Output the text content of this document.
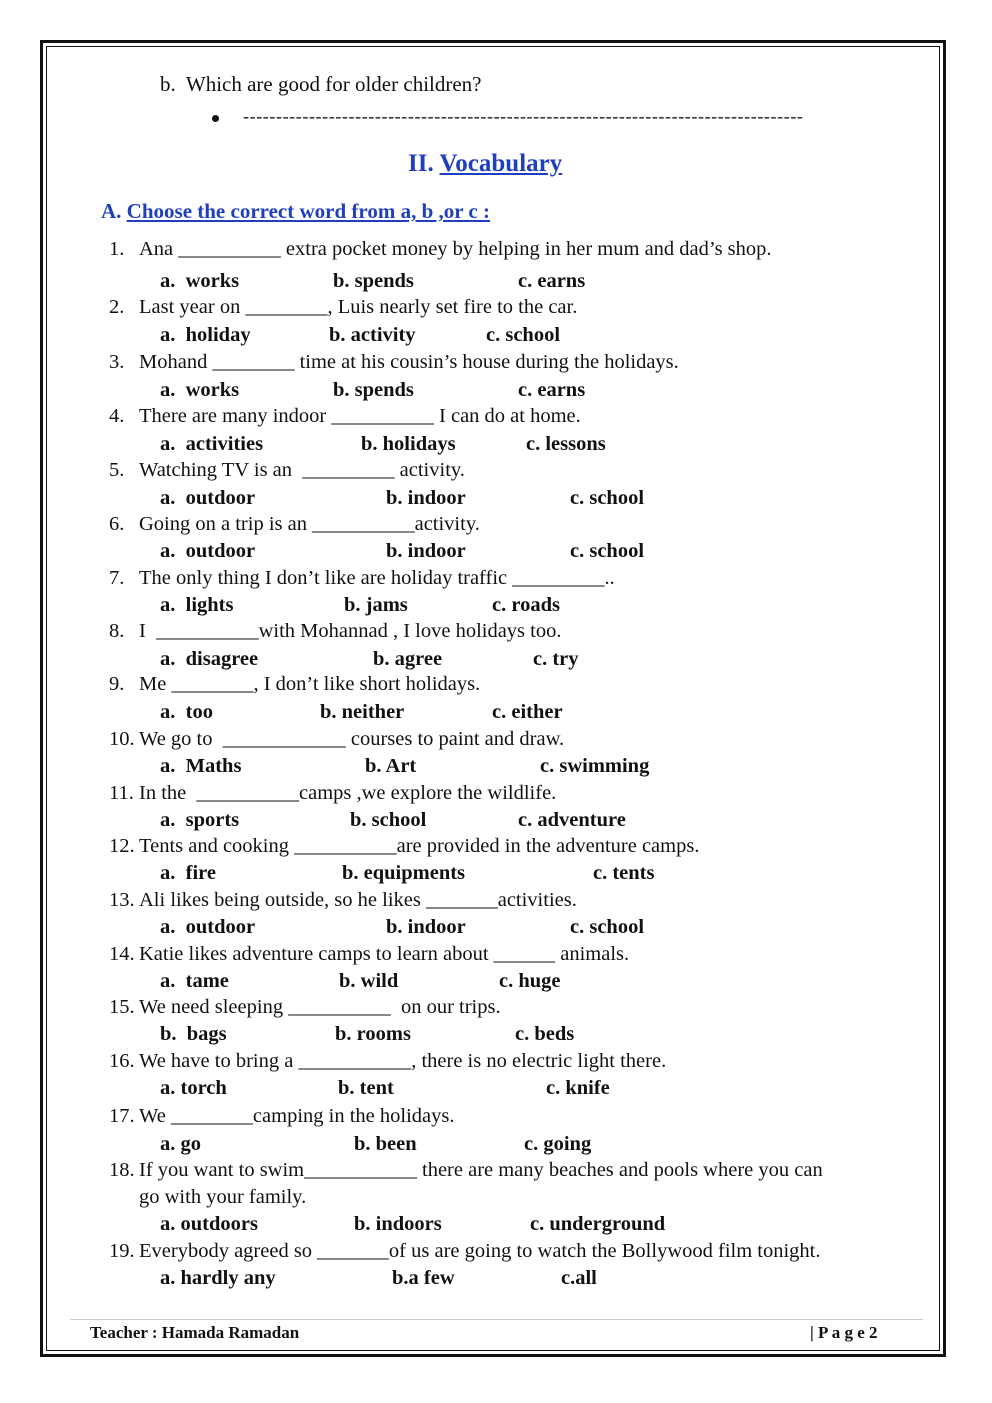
b. Which are good for older children?
-------------------------------------------------------------------------------------
II. Vocabulary
A. Choose the correct word from a, b ,or c :
1. Ana __________ extra pocket money by helping in her mum and dad’s shop.
a.  works	b. spends	c. earns
2. Last year on ________, Luis nearly set fire to the car.
a.  holiday	b. activity	c. school
3. Mohand ________ time at his cousin’s house during the holidays.
a.  works	b. spends	c. earns
4. There are many indoor __________ I can do at home.
a.  activities	b. holidays	c. lessons
5. Watching TV is an  _________ activity.
a.  outdoor	b. indoor	c. school
6. Going on a trip is an __________activity.
a.  outdoor	b. indoor	c. school
7. The only thing I don’t like are holiday traffic _________..
a.  lights	b. jams	c. roads
8. I  __________with Mohannad , I love holidays too.
a.  disagree	b. agree	c. try
9. Me ________, I don’t like short holidays.
a.  too	b. neither	c. either
10. We go to  ____________ courses to paint and draw.
a.  Maths	b. Art	c. swimming
11. In the  __________camps ,we explore the wildlife.
a.  sports	b. school	c. adventure
12. Tents and cooking __________are provided in the adventure camps.
a.  fire	b. equipments	c. tents
13. Ali likes being outside, so he likes _______activities.
a.  outdoor	b. indoor	c. school
14. Katie likes adventure camps to learn about ______ animals.
a.  tame	b. wild	c. huge
15. We need sleeping __________  on our trips.
b.  bags	b. rooms	c. beds
16. We have to bring a ___________, there is no electric light there.
a. torch	b. tent	c. knife
17. We ________camping in the holidays.
a. go	b. been	c. going
18. If you want to swim___________ there are many beaches and pools where you can
go with your family.
a. outdoors	b. indoors	c. underground
19. Everybody agreed so _______of us are going to watch the Bollywood film tonight.
a. hardly any	b.a few	c.all
Teacher : Hamada Ramadan	| P a g e 2
